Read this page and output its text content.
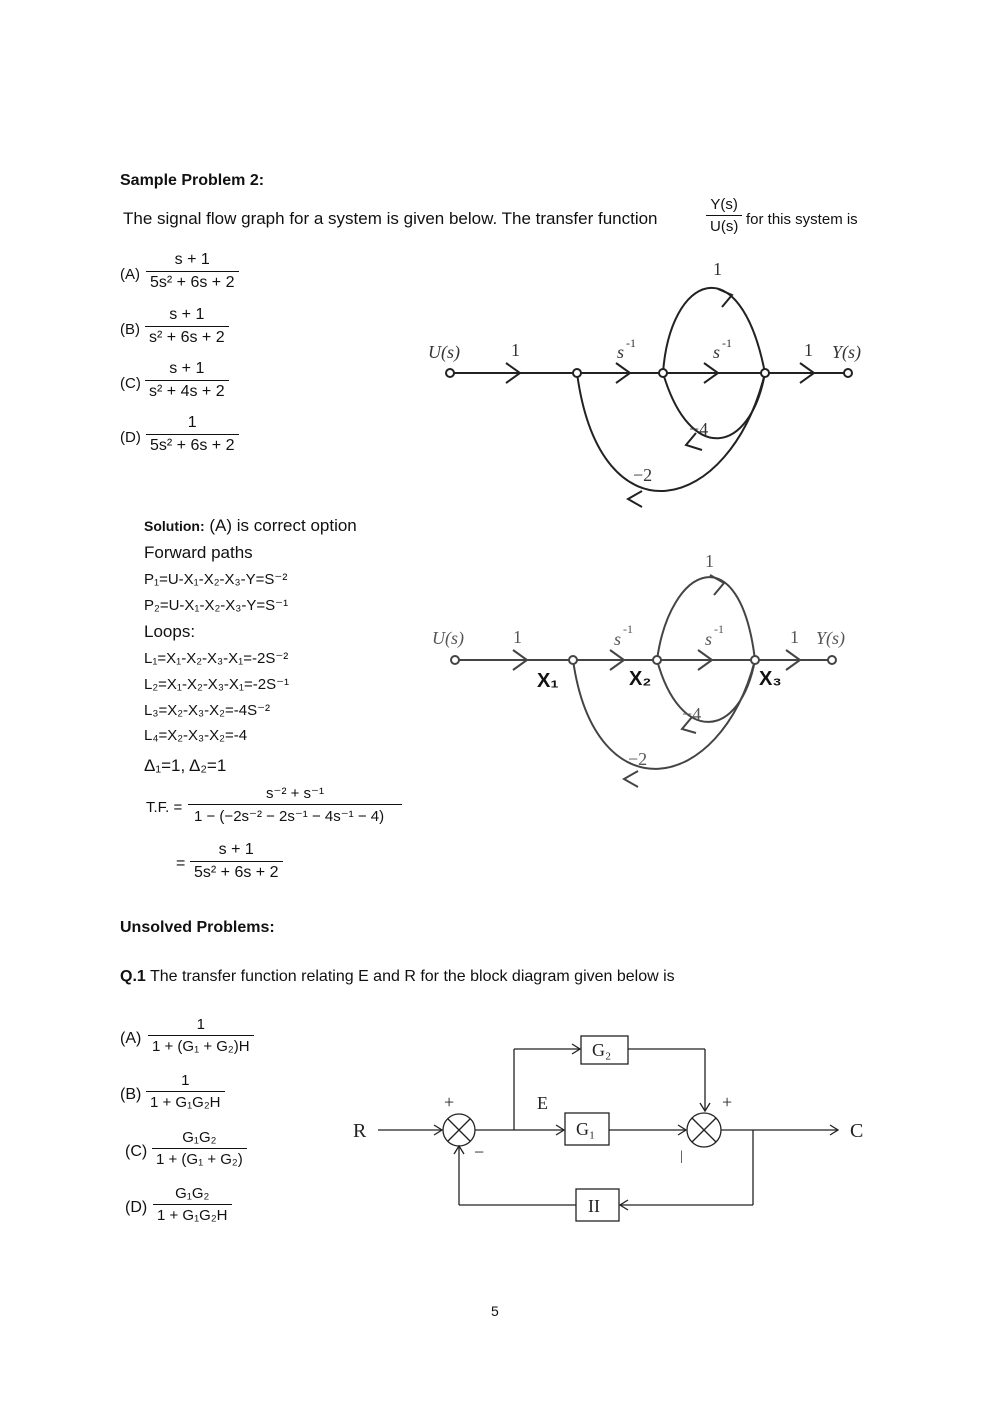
Sample Problem 2:
The signal flow graph for a system is given below. The transfer function	$\frac{Y(s)}{U(s)}$ for this system is
$(A) \frac{s + 1}{\text{5s² + 6s + 2}}$
$(B) \frac{s + 1}{\text{s² + 6s + 2}}$
$(C) \frac{s + 1}{\text{s² + 4s + 2}}$
$(D) \frac{1}{\text{5s² + 6s + 2}}$
U(s)	Y(s)
1	s -1	s -1	1
1
−4
−2
Solution: (A) is correct option
Forward paths
P₁=U-X₁-X₂-X₃-Y=S⁻²
P₂=U-X₁-X₂-X₃-Y=S⁻¹
Loops:
L₁=X₁-X₂-X₃-X₁=-2S⁻²
L₂=X₁-X₂-X₃-X₁=-2S⁻¹
L₃=X₂-X₃-X₂=-4S⁻²
L₄=X₂-X₃-X₂=-4
Δ₁=1, Δ₂=1
T.F. = $\frac{\text{s⁻² + s⁻¹}}{\text{1 − (−2s⁻² − 2s⁻¹ − 4s⁻¹ − 4)}}$
= $\frac{s + 1}{\text{5s² + 6s + 2}}$
U(s)	Y(s)
1	s -1	s -1	1
1
−4
−2
X₁	X₂	X₃
Unsolved Problems:
Q.1 The transfer function relating E and R for the block diagram given below is
$(A) \frac{1}{\text{1 + (G₁ + G₂)H}}$
$(B) \frac{1}{\text{1 + G₁G₂H}}$
$(C) \frac{\text{G₁G₂}}{\text{1 + (G₁ + G₂)}}$
$(D) \frac{\text{G₁G₂}}{\text{1 + G₁G₂H}}$
R	C
E
G₂
G₁
II
+
−
+
|
5
